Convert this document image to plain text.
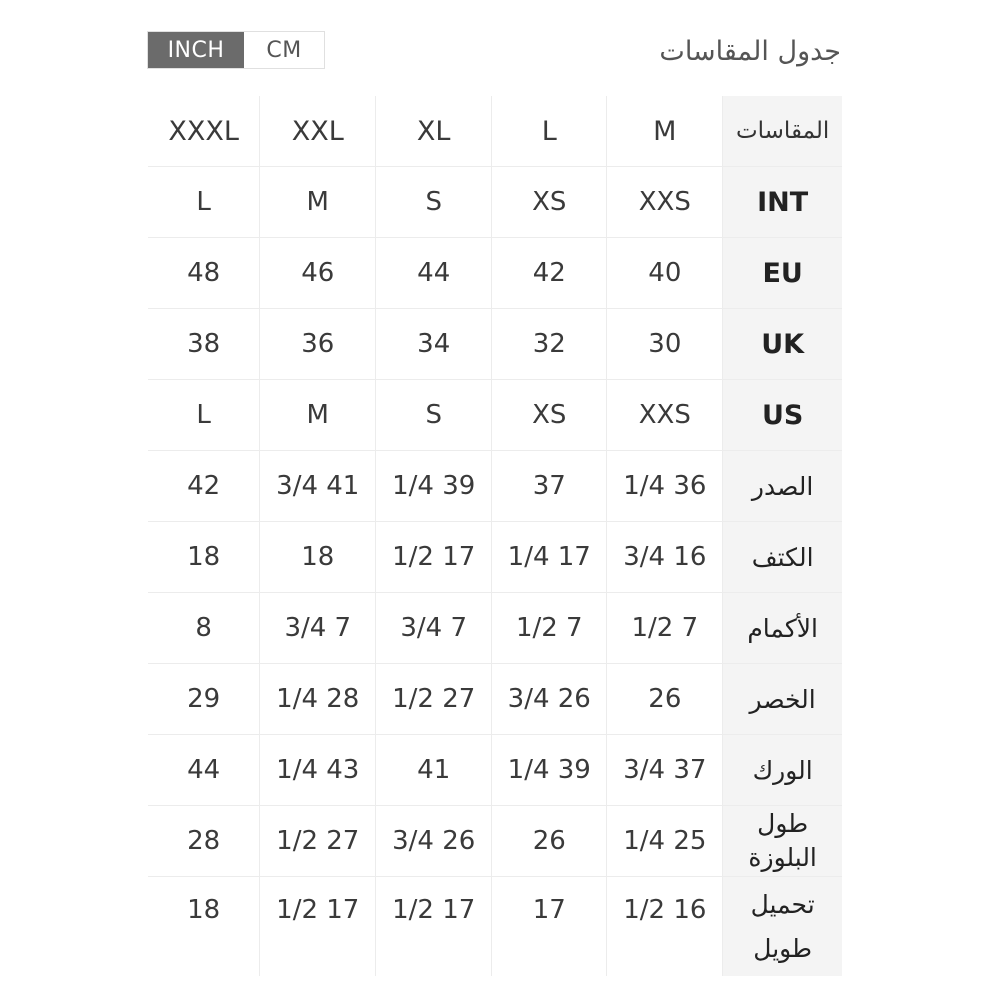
INCH	CM	جدول المقاسات
XXXL	XXL	XL	L	M	المقاسات
L	M	S	XS	XXS	INT
48	46	44	42	40	EU
38	36	34	32	30	UK
L	M	S	XS	XXS	US
42	3/4 41	1/4 39	37	1/4 36	الصدر
18	18	1/2 17	1/4 17	3/4 16	الكتف
8	3/4 7	3/4 7	1/2 7	1/2 7	الأكمام
29	1/4 28	1/2 27	3/4 26	26	الخصر
44	1/4 43	41	1/4 39	3/4 37	الورك
28	1/2 27	3/4 26	26	1/4 25	طول البلوزة
18	1/2 17	1/2 17	17	1/2 16	تحميل طويل
